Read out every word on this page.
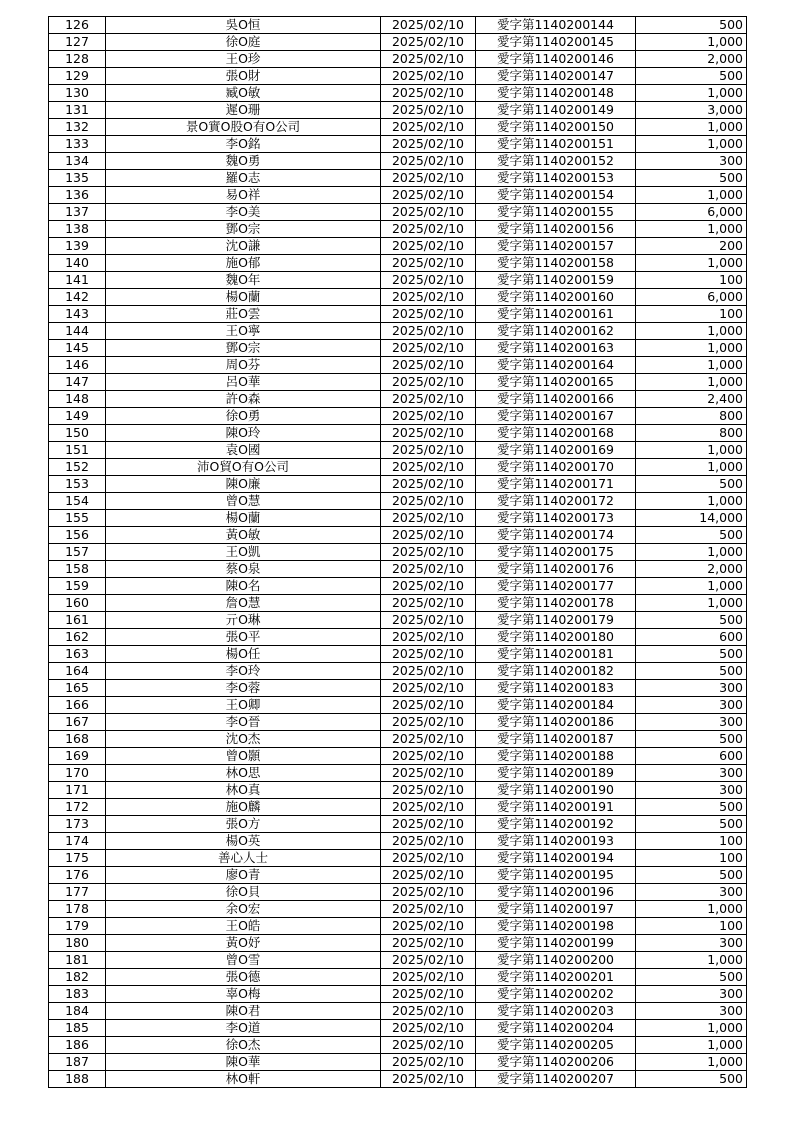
126	吳O恒	2025/02/10	愛字第1140200144	500
127	徐O庭	2025/02/10	愛字第1140200145	1,000
128	王O珍	2025/02/10	愛字第1140200146	2,000
129	張O財	2025/02/10	愛字第1140200147	500
130	臧O敏	2025/02/10	愛字第1140200148	1,000
131	遲O珊	2025/02/10	愛字第1140200149	3,000
132	景O實O股O有O公司	2025/02/10	愛字第1140200150	1,000
133	李O銘	2025/02/10	愛字第1140200151	1,000
134	魏O勇	2025/02/10	愛字第1140200152	300
135	羅O志	2025/02/10	愛字第1140200153	500
136	易O祥	2025/02/10	愛字第1140200154	1,000
137	李O美	2025/02/10	愛字第1140200155	6,000
138	鄧O宗	2025/02/10	愛字第1140200156	1,000
139	沈O謙	2025/02/10	愛字第1140200157	200
140	施O郁	2025/02/10	愛字第1140200158	1,000
141	魏O年	2025/02/10	愛字第1140200159	100
142	楊O蘭	2025/02/10	愛字第1140200160	6,000
143	莊O雲	2025/02/10	愛字第1140200161	100
144	王O寧	2025/02/10	愛字第1140200162	1,000
145	鄧O宗	2025/02/10	愛字第1140200163	1,000
146	周O芬	2025/02/10	愛字第1140200164	1,000
147	呂O華	2025/02/10	愛字第1140200165	1,000
148	許O森	2025/02/10	愛字第1140200166	2,400
149	徐O勇	2025/02/10	愛字第1140200167	800
150	陳O玲	2025/02/10	愛字第1140200168	800
151	袁O國	2025/02/10	愛字第1140200169	1,000
152	沛O貿O有O公司	2025/02/10	愛字第1140200170	1,000
153	陳O廉	2025/02/10	愛字第1140200171	500
154	曾O慧	2025/02/10	愛字第1140200172	1,000
155	楊O蘭	2025/02/10	愛字第1140200173	14,000
156	黃O敏	2025/02/10	愛字第1140200174	500
157	王O凱	2025/02/10	愛字第1140200175	1,000
158	蔡O泉	2025/02/10	愛字第1140200176	2,000
159	陳O名	2025/02/10	愛字第1140200177	1,000
160	詹O慧	2025/02/10	愛字第1140200178	1,000
161	亓O琳	2025/02/10	愛字第1140200179	500
162	張O平	2025/02/10	愛字第1140200180	600
163	楊O任	2025/02/10	愛字第1140200181	500
164	李O玲	2025/02/10	愛字第1140200182	500
165	李O蓉	2025/02/10	愛字第1140200183	300
166	王O卿	2025/02/10	愛字第1140200184	300
167	李O晉	2025/02/10	愛字第1140200186	300
168	沈O杰	2025/02/10	愛字第1140200187	500
169	曾O顥	2025/02/10	愛字第1140200188	600
170	林O思	2025/02/10	愛字第1140200189	300
171	林O真	2025/02/10	愛字第1140200190	300
172	施O麟	2025/02/10	愛字第1140200191	500
173	張O方	2025/02/10	愛字第1140200192	500
174	楊O英	2025/02/10	愛字第1140200193	100
175	善心人士	2025/02/10	愛字第1140200194	100
176	廖O青	2025/02/10	愛字第1140200195	500
177	徐O貝	2025/02/10	愛字第1140200196	300
178	余O宏	2025/02/10	愛字第1140200197	1,000
179	王O皓	2025/02/10	愛字第1140200198	100
180	黃O妤	2025/02/10	愛字第1140200199	300
181	曾O雪	2025/02/10	愛字第1140200200	1,000
182	張O德	2025/02/10	愛字第1140200201	500
183	辜O梅	2025/02/10	愛字第1140200202	300
184	陳O君	2025/02/10	愛字第1140200203	300
185	李O道	2025/02/10	愛字第1140200204	1,000
186	徐O杰	2025/02/10	愛字第1140200205	1,000
187	陳O華	2025/02/10	愛字第1140200206	1,000
188	林O軒	2025/02/10	愛字第1140200207	500
